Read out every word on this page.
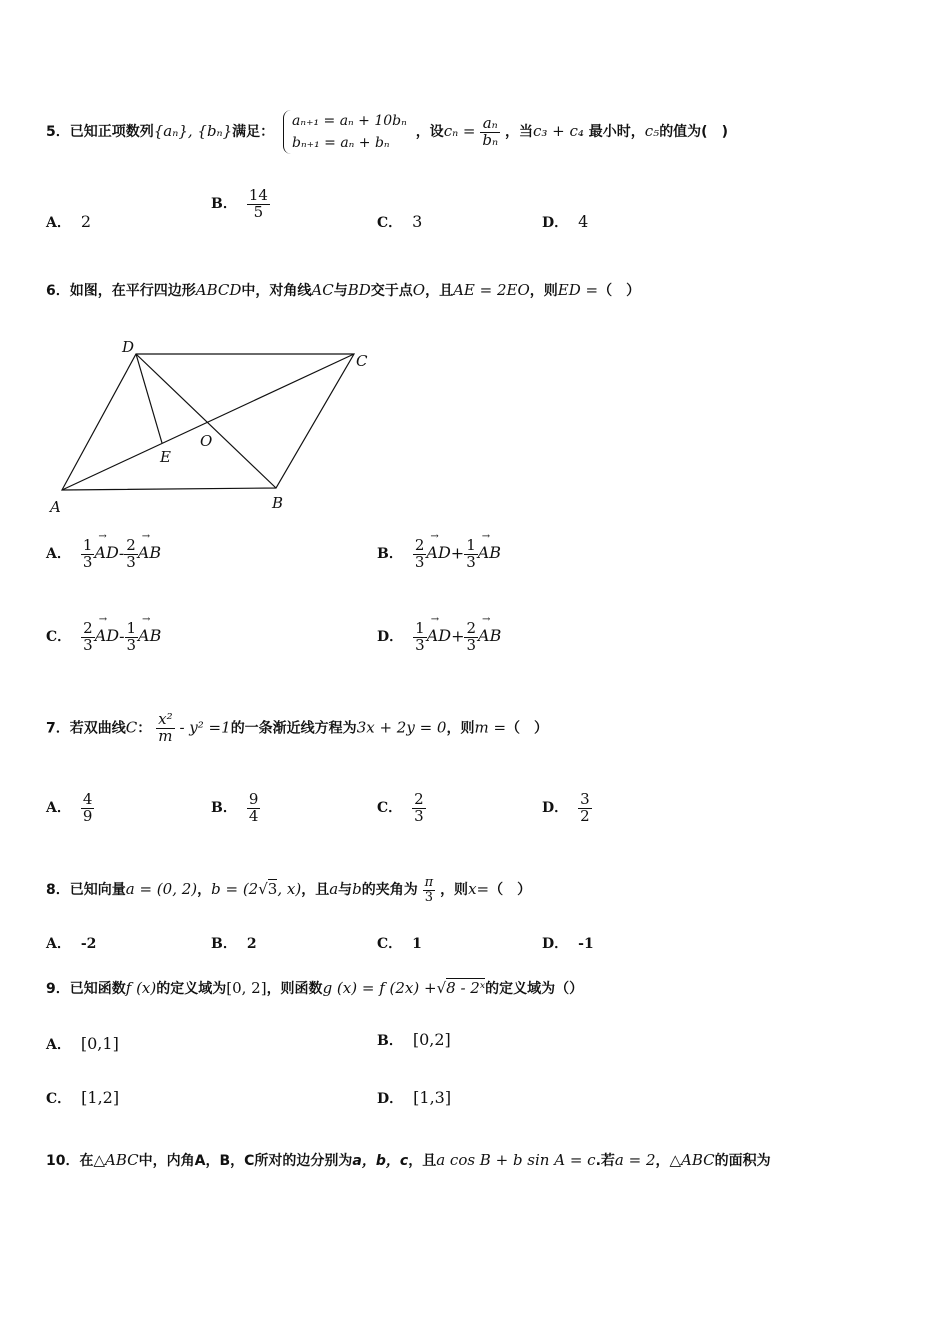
5．已知正项数列{aₙ}, {bₙ}满足： aₙ₊₁ = aₙ + 10bₙ
bₙ₊₁ = aₙ + bₙ ，设$c_n = \frac{\text{aₙ}}{\text{bₙ}}$ ，当c₃ + c₄ 最小时，c₅的值为(　)
A． 2
B． $\frac{14}{5}$
C． 3	D． 4
6．如图，在平行四边形ABCD中，对角线AC与BD交于点O，且AE = 2EO，则ED =（　）
D
C
E
O
A	B
A． $\frac{1}{3}$
→ $AD- \frac{2}{3}$
→ AB	B． $\frac{2}{3}$
→ $AD+ \frac{1}{3}$
→ AB
C． $\frac{2}{3}$
→ $AD- \frac{1}{3}$
→ AB	D． $\frac{1}{3}$
→ $AD+ \frac{2}{3}$
→ AB
7．若双曲线C： $\frac{\text{x²}}{m} - y^2 =1$的一条渐近线方程为3x + 2y = 0，则m =（　）
A． $\frac{4}{9}$	B． $\frac{9}{4}$	C． $\frac{2}{3}$	D． $\frac{3}{2}$
8．已知向量a = (0, 2)，b = (2√3, x)，且a与b的夹角为 $\frac{\pi}{3}$ ，则x=（　）
A． -2	B． 2	C． 1	D． -1
9．已知函数f (x)的定义域为[0, 2]，则函数g (x) = f (2x) +√8 - 2ˣ的定义域为（）
A． [0,1]	B． [0,2]
C． [1,2]	D． [1,3]
10．在△ABC中，内角A，B，C所对的边分别为a，b，c，且a cos B + b sin A = c.若a = 2，△ABC的面积为
